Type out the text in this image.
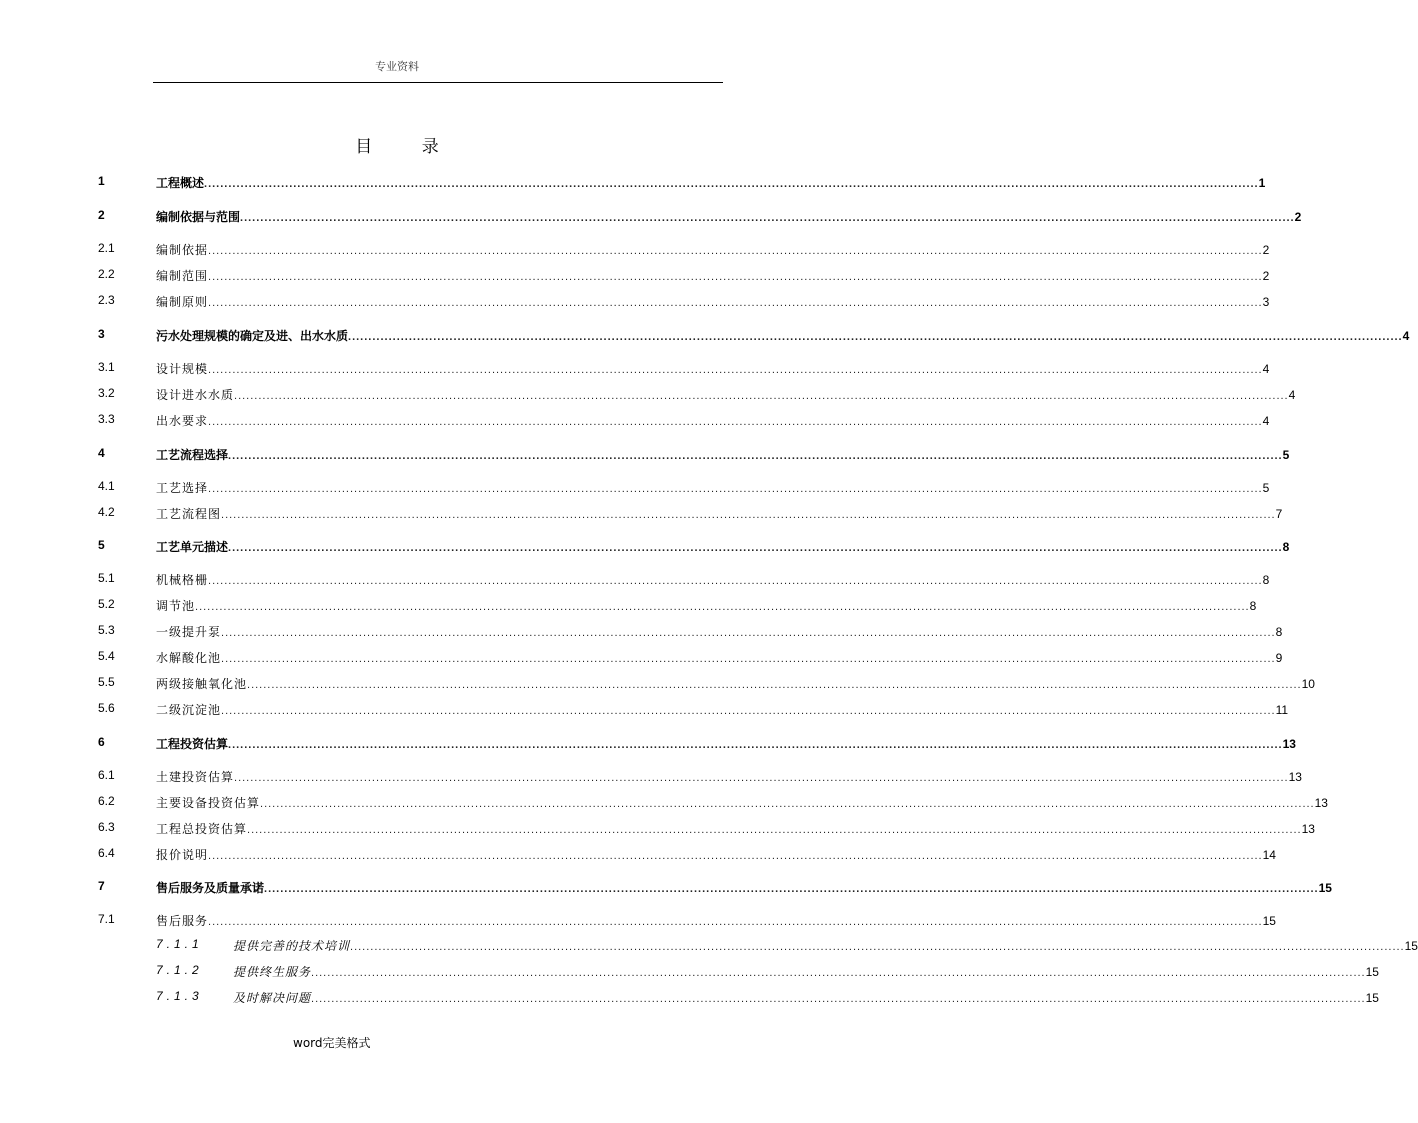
专业资料
目 录
1	工程概述 .................................................................................................................................................................................................................................................................... 1
2	编制依据与范围 .................................................................................................................................................................................................................................................................... 2
2.1	编制依据 .................................................................................................................................................................................................................................................................... 2
2.2	编制范围 .................................................................................................................................................................................................................................................................... 2
2.3	编制原则 .................................................................................................................................................................................................................................................................... 3
3	污水处理规模的确定及进、出水水质 .................................................................................................................................................................................................................................................................... 4
3.1	设计规模 .................................................................................................................................................................................................................................................................... 4
3.2	设计进水水质 .................................................................................................................................................................................................................................................................... 4
3.3	出水要求 .................................................................................................................................................................................................................................................................... 4
4	工艺流程选择 .................................................................................................................................................................................................................................................................... 5
4.1	工艺选择 .................................................................................................................................................................................................................................................................... 5
4.2	工艺流程图 .................................................................................................................................................................................................................................................................... 7
5	工艺单元描述 .................................................................................................................................................................................................................................................................... 8
5.1	机械格栅 .................................................................................................................................................................................................................................................................... 8
5.2	调节池 .................................................................................................................................................................................................................................................................... 8
5.3	一级提升泵 .................................................................................................................................................................................................................................................................... 8
5.4	水解酸化池 .................................................................................................................................................................................................................................................................... 9
5.5	两级接触氧化池 .................................................................................................................................................................................................................................................................... 10
5.6	二级沉淀池 .................................................................................................................................................................................................................................................................... 11
6	工程投资估算 .................................................................................................................................................................................................................................................................... 13
6.1	土建投资估算 .................................................................................................................................................................................................................................................................... 13
6.2	主要设备投资估算 .................................................................................................................................................................................................................................................................... 13
6.3	工程总投资估算 .................................................................................................................................................................................................................................................................... 13
6.4	报价说明 .................................................................................................................................................................................................................................................................... 14
7	售后服务及质量承诺 .................................................................................................................................................................................................................................................................... 15
7.1	售后服务 .................................................................................................................................................................................................................................................................... 15
7.1.1	提供完善的技术培训 .................................................................................................................................................................................................................................................................... 15
7.1.2	提供终生服务 .................................................................................................................................................................................................................................................................... 15
7.1.3	及时解决问题 .................................................................................................................................................................................................................................................................... 15
word完美格式
